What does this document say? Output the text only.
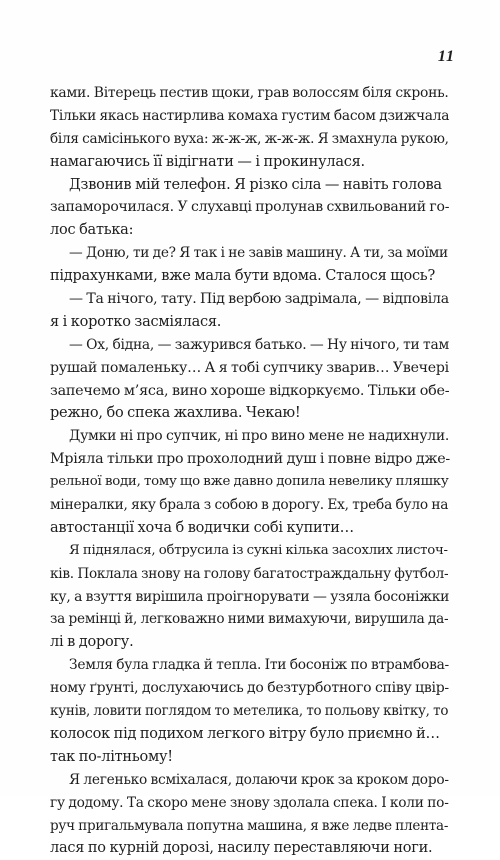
11
ками. Вітерець пестив щоки, грав волоссям біля скронь.
Тільки якась настирлива комаха густим басом дзижчала
біля самісінького вуха: ж-ж-ж, ж-ж-ж. Я змахнула рукою,
намагаючись її відігнати — і прокинулася.
Дзвонив мій телефон. Я різко сіла — навіть голова
запаморочилася. У слухавці пролунав схвильований го-
лос батька:
— Доню, ти де? Я так і не завів машину. А ти, за моїми
підрахунками, вже мала бути вдома. Сталося щось?
— Та нічого, тату. Під вербою задрімала, — відповіла
я і коротко засміялася.
— Ох, бідна, — зажурився батько. — Ну нічого, ти там
рушай помаленьку… А я тобі супчику зварив… Увечері
запечемо м’яса, вино хороше відкоркуємо. Тільки обе-
режно, бо спека жахлива. Чекаю!
Думки ні про супчик, ні про вино мене не надихнули.
Мріяла тільки про прохолодний душ і повне відро дже-
рельної води, тому що вже давно допила невелику пляшку
мінералки, яку брала з собою в дорогу. Ех, треба було на
автостанції хоча б водички собі купити…
Я піднялася, обтрусила із сукні кілька засохлих листоч-
ків. Поклала знову на голову багатостраждальну футбол-
ку, а взуття вирішила проігнорувати — узяла босоніжки
за ремінці й, легковажно ними вимахуючи, вирушила да-
лі в дорогу.
Земля була гладка й тепла. Іти босоніж по втрамбова-
ному ґрунті, дослухаючись до безтурботного співу цвір-
кунів, ловити поглядом то метелика, то польову квітку, то
колосок під подихом легкого вітру було приємно й…
так по-літньому!
Я легенько всміхалася, долаючи крок за кроком доро-
гу додому. Та скоро мене знову здолала спека. І коли по-
руч пригальмувала попутна машина, я вже ледве плента-
лася по курній дорозі, насилу переставляючи ноги.
